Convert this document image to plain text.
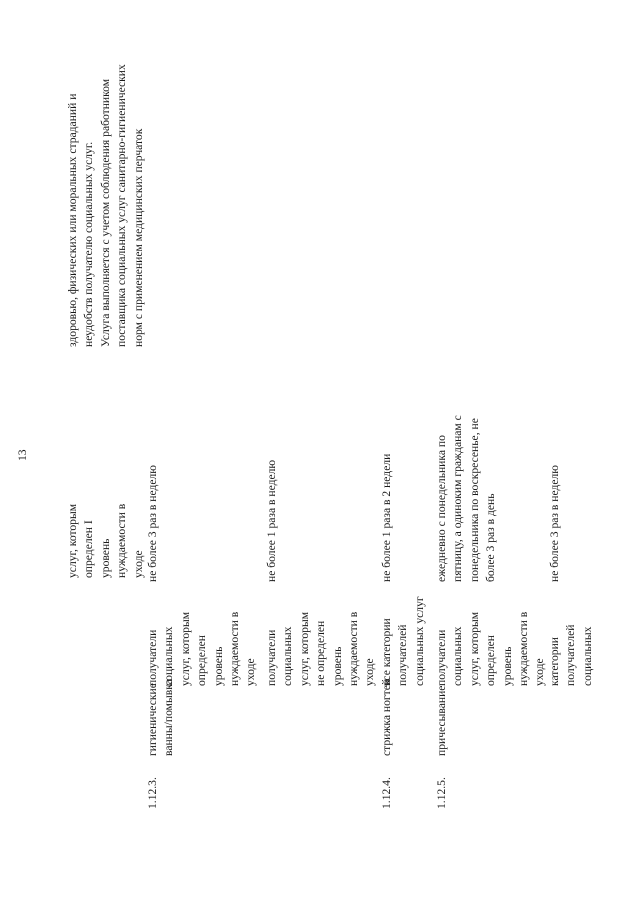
13
услуг, которым определен I уровень нуждаемости в уходе
здоровью, физических или моральных страданий и неудобств получателю социальных услуг. Услуга выполняется с учетом соблюдения работником поставщика социальных услуг санитарно-гигиенических норм с применением медицинских перчаток
1.12.3.
гигиенические ванны/помывка
получатели социальных услуг, которым определен уровень нуждаемости в уходе
не более 3 раз в неделю
получатели социальных услуг, которым не определен уровень нуждаемости в уходе
не более 1 раза в неделю
1.12.4.
стрижка ногтей
все категории получателей социальных услуг
не более 1 раза в 2 недели
1.12.5.
причесывание
получатели социальных услуг, которым определен уровень нуждаемости в уходе
ежедневно с понедельника по пятницу, а одиноким гражданам с понедельника по воскресенье, не более 3 раз в день
категории получателей социальных
не более 3 раз в неделю
